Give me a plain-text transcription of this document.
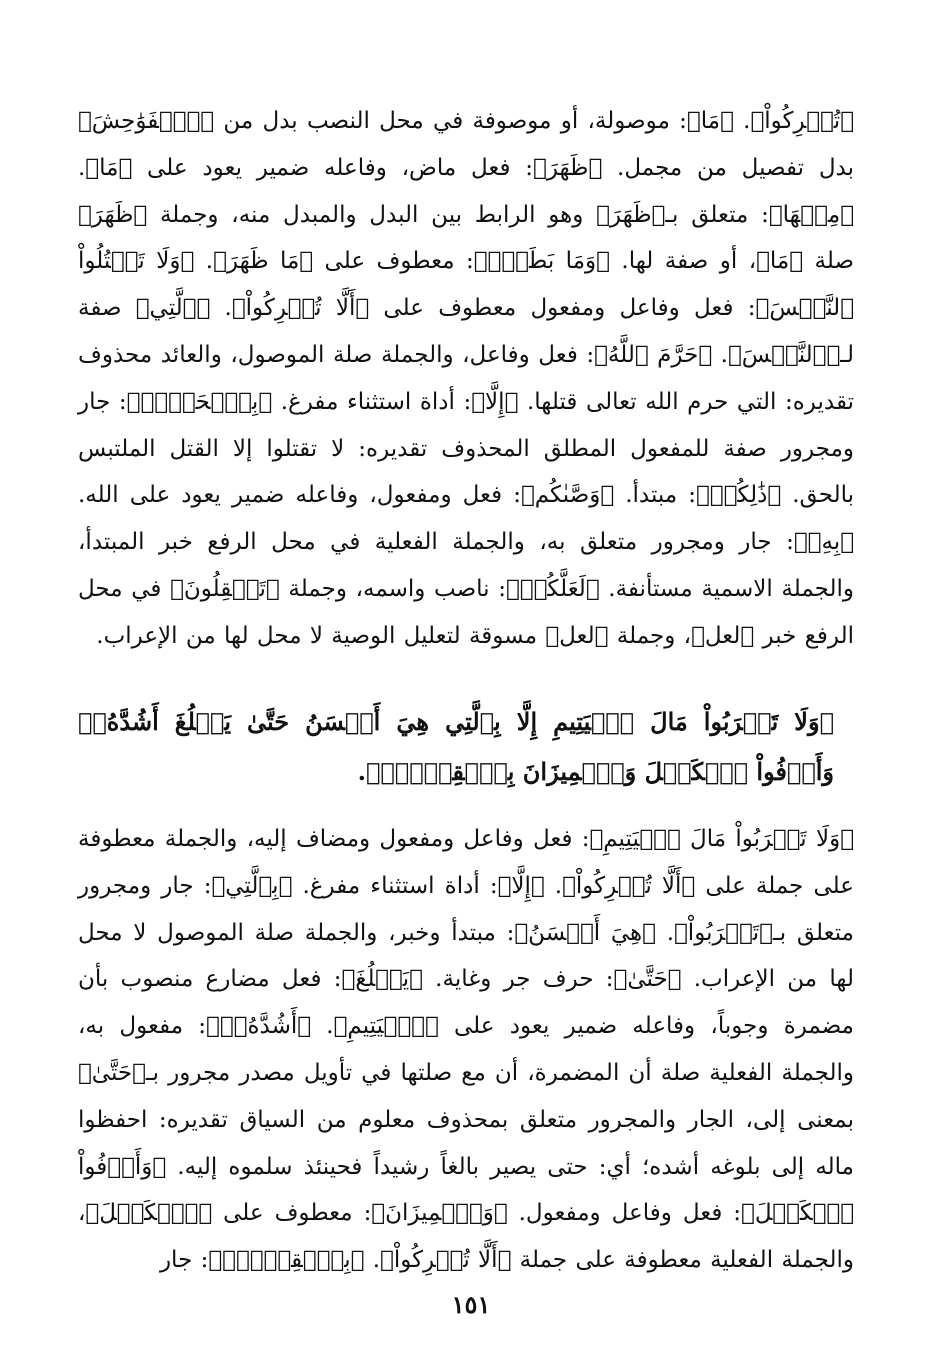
﴿تُشۡرِكُواْ﴾. ﴿مَا﴾: موصولة، أو موصوفة في محل النصب بدل من ﴿ٱلۡفَوَٰحِشَ﴾ بدل تفصيل من مجمل. ﴿ظَهَرَ﴾: فعل ماض، وفاعله ضمير يعود على ﴿مَا﴾. ﴿مِنۡهَا﴾: متعلق بـ﴿ظَهَرَ﴾ وهو الرابط بين البدل والمبدل منه، وجملة ﴿ظَهَرَ﴾ صلة ﴿مَا﴾، أو صفة لها. ﴿وَمَا بَطَنَۖ﴾: معطوف على ﴿مَا ظَهَرَ﴾. ﴿وَلَا تَقۡتُلُواْ ٱلنَّفۡسَ﴾: فعل وفاعل ومفعول معطوف على ﴿أَلَّا تُشۡرِكُواْ﴾. ﴿ٱلَّتِي﴾ صفة لـ﴿ٱلنَّفۡسَ﴾. ﴿حَرَّمَ ٱللَّهُ﴾: فعل وفاعل، والجملة صلة الموصول، والعائد محذوف تقديره: التي حرم الله تعالى قتلها. ﴿إِلَّا﴾: أداة استثناء مفرغ. ﴿بِٱلۡحَقِّۚ﴾: جار ومجرور صفة للمفعول المطلق المحذوف تقديره: لا تقتلوا إلا القتل الملتبس بالحق. ﴿ذَٰلِكُمۡ﴾: مبتدأ. ﴿وَصَّىٰكُم﴾: فعل ومفعول، وفاعله ضمير يعود على الله. ﴿بِهِۦ﴾: جار ومجرور متعلق به، والجملة الفعلية في محل الرفع خبر المبتدأ، والجملة الاسمية مستأنفة. ﴿لَعَلَّكُمۡ﴾: ناصب واسمه، وجملة ﴿تَعۡقِلُونَ﴾ في محل الرفع خبر ﴿لعل﴾، وجملة ﴿لعل﴾ مسوقة لتعليل الوصية لا محل لها من الإعراب.

﴿وَلَا تَقۡرَبُواْ مَالَ ٱلۡيَتِيمِ إِلَّا بِٱلَّتِي هِيَ أَحۡسَنُ حَتَّىٰ يَبۡلُغَ أَشُدَّهُۥۚ وَأَوۡفُواْ ٱلۡكَيۡلَ وَٱلۡمِيزَانَ بِٱلۡقِسۡطِۖ﴾.

﴿وَلَا تَقۡرَبُواْ مَالَ ٱلۡيَتِيمِ﴾: فعل وفاعل ومفعول ومضاف إليه، والجملة معطوفة على جملة على ﴿أَلَّا تُشۡرِكُواْ﴾. ﴿إِلَّا﴾: أداة استثناء مفرغ. ﴿بِٱلَّتِي﴾: جار ومجرور متعلق بـ﴿تَقۡرَبُواْ﴾. ﴿هِيَ أَحۡسَنُ﴾: مبتدأ وخبر، والجملة صلة الموصول لا محل لها من الإعراب. ﴿حَتَّىٰ﴾: حرف جر وغاية. ﴿يَبۡلُغَ﴾: فعل مضارع منصوب بأن مضمرة وجوباً، وفاعله ضمير يعود على ﴿ٱلۡيَتِيمِ﴾. ﴿أَشُدَّهُۥۚ﴾: مفعول به، والجملة الفعلية صلة أن المضمرة، أن مع صلتها في تأويل مصدر مجرور بـ﴿حَتَّىٰ﴾ بمعنى إلى، الجار والمجرور متعلق بمحذوف معلوم من السياق تقديره: احفظوا ماله إلى بلوغه أشده؛ أي: حتى يصير بالغاً رشيداً فحينئذ سلموه إليه. ﴿وَأَوۡفُواْ ٱلۡكَيۡلَ﴾: فعل وفاعل ومفعول. ﴿وَٱلۡمِيزَانَ﴾: معطوف على ﴿ٱلۡكَيۡلَ﴾، والجملة الفعلية معطوفة على جملة ﴿أَلَّا تُشۡرِكُواْ﴾. ﴿بِٱلۡقِسۡطِۖ﴾: جار

١٥١
